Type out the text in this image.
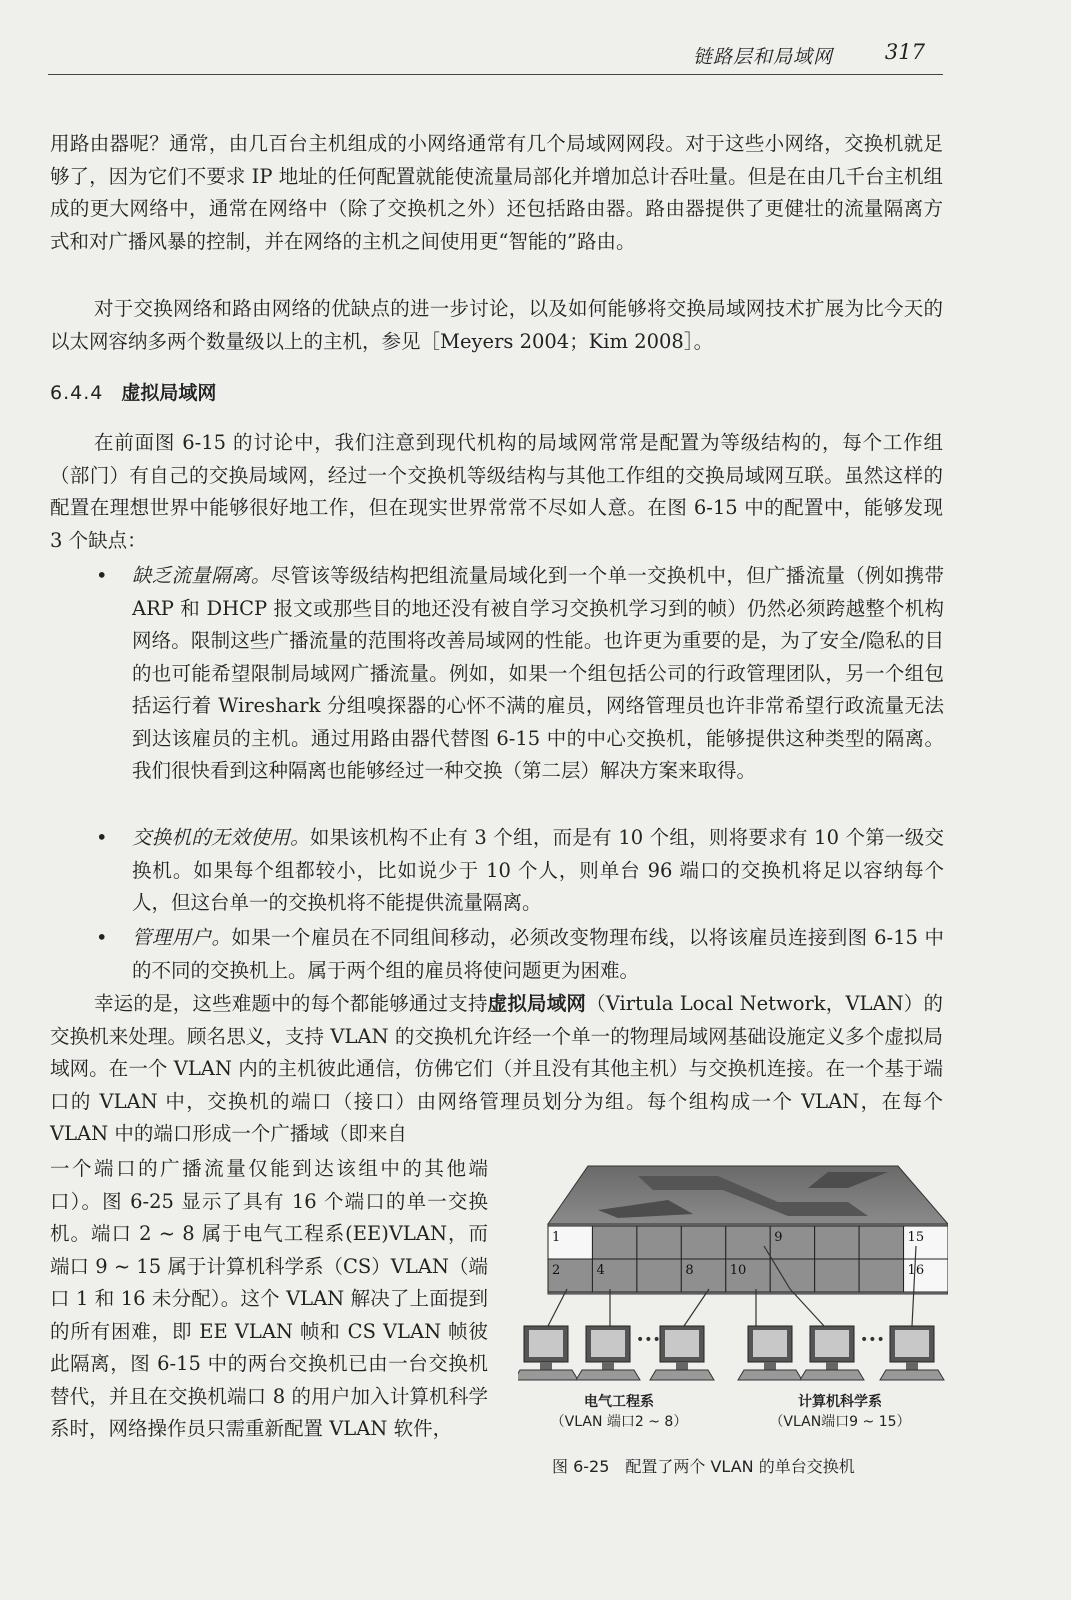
链路层和局域网 317

用路由器呢？通常，由几百台主机组成的小网络通常有几个局域网网段。对于这些小网络，交换机就足够了，因为它们不要求 IP 地址的任何配置就能使流量局部化并增加总计吞吐量。但是在由几千台主机组成的更大网络中，通常在网络中（除了交换机之外）还包括路由器。路由器提供了更健壮的流量隔离方式和对广播风暴的控制，并在网络的主机之间使用更“智能的”路由。

对于交换网络和路由网络的优缺点的进一步讨论，以及如何能够将交换局域网技术扩展为比今天的以太网容纳多两个数量级以上的主机，参见［Meyers 2004；Kim 2008］。

6.4.4 虚拟局域网

在前面图 6-15 的讨论中，我们注意到现代机构的局域网常常是配置为等级结构的，每个工作组（部门）有自己的交换局域网，经过一个交换机等级结构与其他工作组的交换局域网互联。虽然这样的配置在理想世界中能够很好地工作，但在现实世界常常不尽如人意。在图 6-15 中的配置中，能够发现 3 个缺点：

•	缺乏流量隔离。尽管该等级结构把组流量局域化到一个单一交换机中，但广播流量（例如携带 ARP 和 DHCP 报文或那些目的地还没有被自学习交换机学习到的帧）仍然必须跨越整个机构网络。限制这些广播流量的范围将改善局域网的性能。也许更为重要的是，为了安全/隐私的目的也可能希望限制局域网广播流量。例如，如果一个组包括公司的行政管理团队，另一个组包括运行着 Wireshark 分组嗅探器的心怀不满的雇员，网络管理员也许非常希望行政流量无法到达该雇员的主机。通过用路由器代替图 6-15 中的中心交换机，能够提供这种类型的隔离。我们很快看到这种隔离也能够经过一种交换（第二层）解决方案来取得。
•	交换机的无效使用。如果该机构不止有 3 个组，而是有 10 个组，则将要求有 10 个第一级交换机。如果每个组都较小，比如说少于 10 个人，则单台 96 端口的交换机将足以容纳每个人，但这台单一的交换机将不能提供流量隔离。
•	管理用户。如果一个雇员在不同组间移动，必须改变物理布线，以将该雇员连接到图 6-15 中的不同的交换机上。属于两个组的雇员将使问题更为困难。

幸运的是，这些难题中的每个都能够通过支持虚拟局域网（Virtula Local Network，VLAN）的交换机来处理。顾名思义，支持 VLAN 的交换机允许经一个单一的物理局域网基础设施定义多个虚拟局域网。在一个 VLAN 内的主机彼此通信，仿佛它们（并且没有其他主机）与交换机连接。在一个基于端口的 VLAN 中，交换机的端口（接口）由网络管理员划分为组。每个组构成一个 VLAN，在每个 VLAN 中的端口形成一个广播域（即来自

一个端口的广播流量仅能到达该组中的其他端口）。图 6-25 显示了具有 16 个端口的单一交换机。端口 2 ~ 8 属于电气工程系(EE)VLAN，而端口 9 ~ 15 属于计算机科学系（CS）VLAN（端口 1 和 16 未分配）。这个 VLAN 解决了上面提到的所有困难，即 EE VLAN 帧和 CS VLAN 帧彼此隔离，图 6-15 中的两台交换机已由一台交换机替代，并且在交换机端口 8 的用户加入计算机科学系时，网络操作员只需重新配置 VLAN 软件，

1	9	15
2	4	8	10	16
•••	•••
电气工程系
（VLAN 端口2 ~ 8）
计算机科学系
（VLAN端口9 ~ 15）
图 6-25　配置了两个 VLAN 的单台交换机
